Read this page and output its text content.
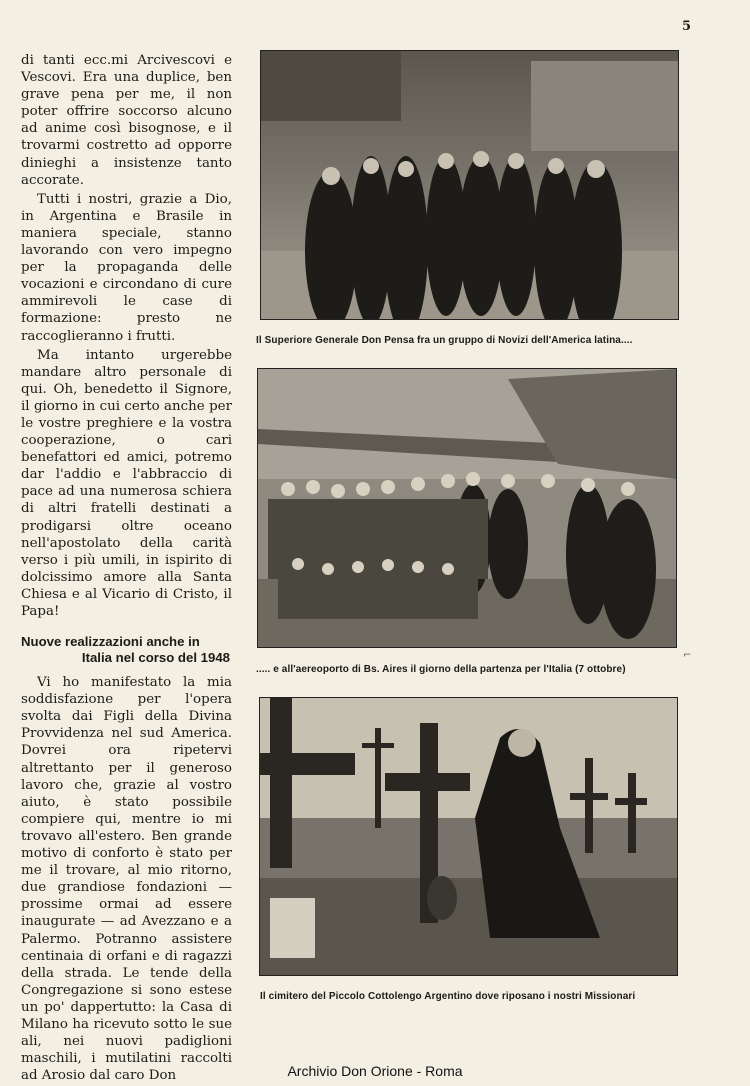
5

di tanti ecc.mi Arcivescovi e Vescovi. Era una duplice, ben grave pena per me, il non poter offrire soccorso alcuno ad anime così bisognose, e il trovarmi costretto ad opporre dinieghi a insistenze tanto accorate.

Tutti i nostri, grazie a Dio, in Argentina e Brasile in maniera speciale, stanno lavorando con vero impegno per la propaganda delle vocazioni e circondano di cure ammirevoli le case di formazione: presto ne raccoglieranno i frutti.

Ma intanto urgerebbe mandare altro personale di qui. Oh, benedetto il Signore, il giorno in cui certo anche per le vostre preghiere e la vostra cooperazione, o cari benefattori ed amici, potremo dar l'addio e l'abbraccio di pace ad una numerosa schiera di altri fratelli destinati a prodigarsi oltre oceano nell'apostolato della carità verso i più umili, in ispirito di dolcissimo amore alla Santa Chiesa e al Vicario di Cristo, il Papa!

Nuove realizzazioni anche in
Italia nel corso del 1948

Vi ho manifestato la mia soddisfazione per l'opera svolta dai Figli della Divina Provvidenza nel sud America. Dovrei ora ripetervi altrettanto per il generoso lavoro che, grazie al vostro aiuto, è stato possibile compiere qui, mentre io mi trovavo all'estero. Ben grande motivo di conforto è stato per me il trovare, al mio ritorno, due grandiose fondazioni — prossime ormai ad essere inaugurate — ad Avezzano e a Palermo. Potranno assistere centinaia di orfani e di ragazzi della strada. Le tende della Congregazione si sono estese un po' dappertutto: la Casa di Milano ha ricevuto sotto le sue ali, nei nuovi padiglioni maschili, i mutilatini raccolti ad Arosio dal caro Don

Il Superiore Generale Don Pensa fra un gruppo di Novizi dell'America latina....
..... e all'aereoporto di Bs. Aires il giorno della partenza per l'Italia (7 ottobre)
⌐
Il cimitero del Piccolo Cottolengo Argentino dove riposano i nostri Missionari
Archivio Don Orione - Roma
